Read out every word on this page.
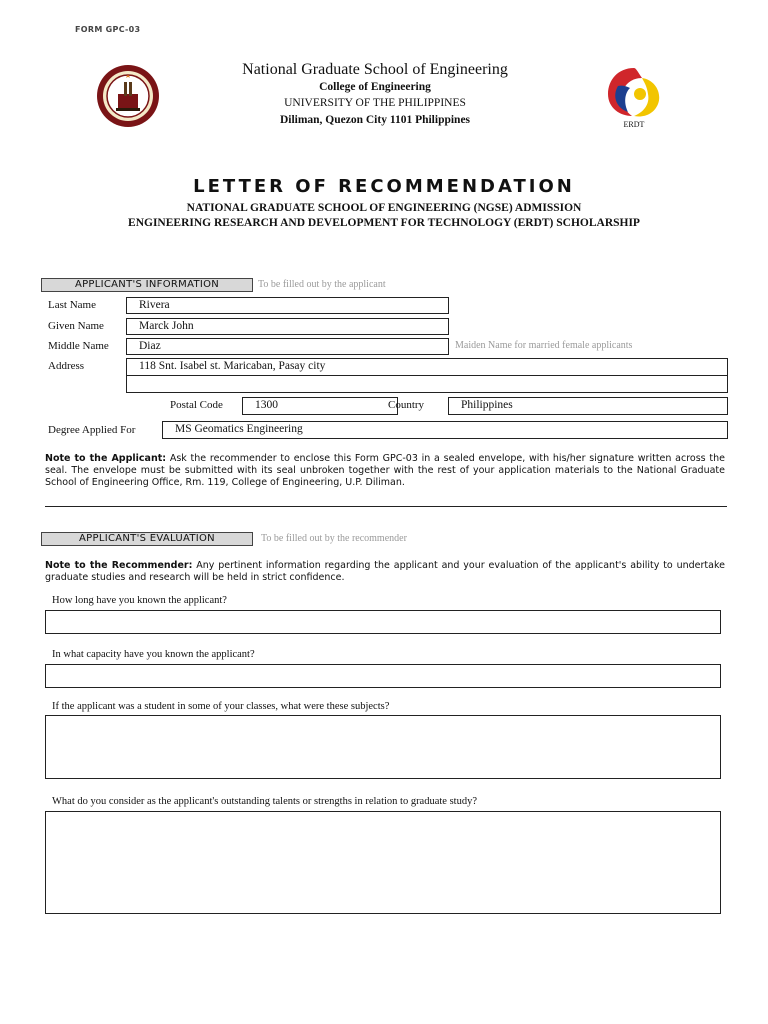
FORM GPC-03
ERDT
National Graduate School of Engineering
College of Engineering
UNIVERSITY OF THE PHILIPPINES
Diliman, Quezon City 1101 Philippines
LETTER OF RECOMMENDATION
NATIONAL GRADUATE SCHOOL OF ENGINEERING (NGSE) ADMISSION
ENGINEERING RESEARCH AND DEVELOPMENT FOR TECHNOLOGY (ERDT) SCHOLARSHIP
APPLICANT'S INFORMATION	To be filled out by the applicant
Last Name	Rivera
Given Name	Marck John
Middle Name	Diaz	Maiden Name for married female applicants
Address	118 Snt. Isabel st. Maricaban, Pasay city
Postal Code	1300	Country	Philippines
Degree Applied For	MS Geomatics Engineering
Note to the Applicant: Ask the recommender to enclose this Form GPC-03 in a sealed envelope, with his/her signature written across the seal. The envelope must be submitted with its seal unbroken together with the rest of your application materials to the National Graduate School of Engineering Office, Rm. 119, College of Engineering, U.P. Diliman.
APPLICANT'S EVALUATION	To be filled out by the recommender
Note to the Recommender: Any pertinent information regarding the applicant and your evaluation of the applicant's ability to undertake graduate studies and research will be held in strict confidence.
How long have you known the applicant?
In what capacity have you known the applicant?
If the applicant was a student in some of your classes, what were these subjects?
What do you consider as the applicant's outstanding talents or strengths in relation to graduate study?
